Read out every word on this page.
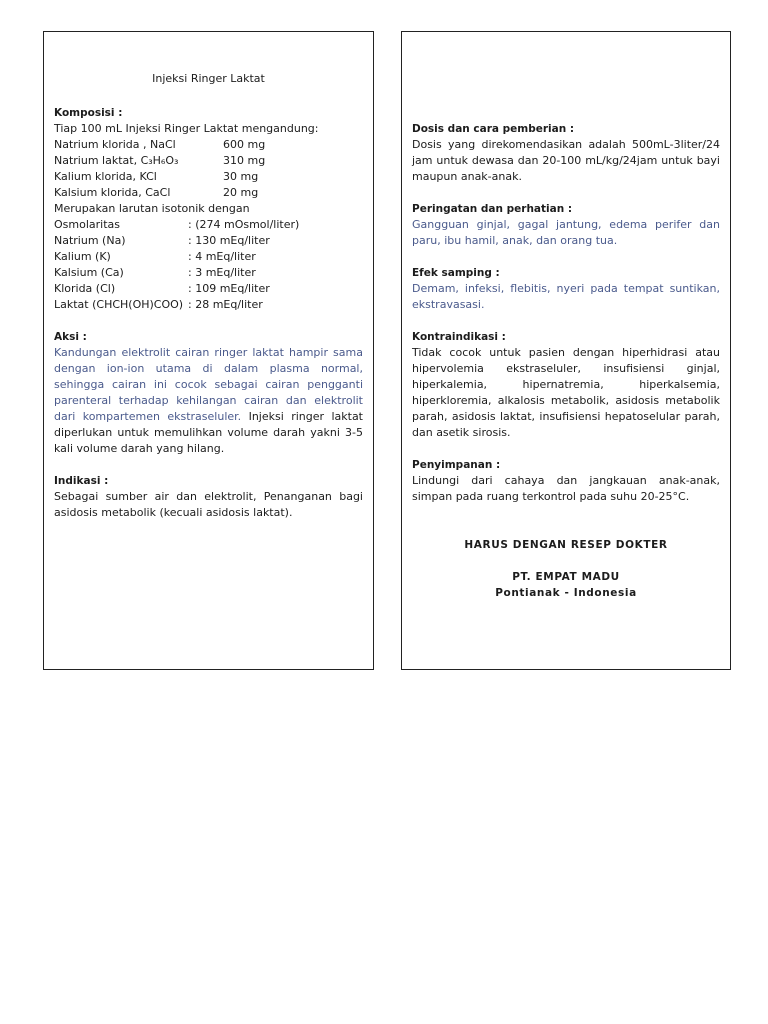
Injeksi Ringer Laktat
Komposisi :
Tiap 100 mL Injeksi Ringer Laktat mengandung:
Natrium klorida , NaCl	600 mg
Natrium laktat, C₃H₆O₃	310 mg
Kalium klorida, KCl	30 mg
Kalsium klorida, CaCl	20 mg
Merupakan larutan isotonik dengan
Osmolaritas	: (274 mOsmol/liter)
Natrium (Na)	: 130 mEq/liter
Kalium (K)	: 4 mEq/liter
Kalsium (Ca)	: 3 mEq/liter
Klorida (Cl)	: 109 mEq/liter
Laktat (CHCH(OH)COO) : 28 mEq/liter
Aksi :
Kandungan elektrolit cairan ringer laktat hampir sama dengan ion-ion utama di dalam plasma normal, sehingga cairan ini cocok sebagai cairan pengganti parenteral terhadap kehilangan cairan dan elektrolit dari kompartemen ekstraseluler. Injeksi ringer laktat diperlukan untuk memulihkan volume darah yakni 3-5 kali volume darah yang hilang.
Indikasi :
Sebagai sumber air dan elektrolit, Penanganan bagi asidosis metabolik (kecuali asidosis laktat).
Dosis dan cara pemberian :
Dosis yang direkomendasikan adalah 500mL-3liter/24 jam untuk dewasa dan 20-100 mL/kg/24jam untuk bayi maupun anak-anak.
Peringatan dan perhatian :
Gangguan ginjal, gagal jantung, edema perifer dan paru, ibu hamil, anak, dan orang tua.
Efek samping :
Demam, infeksi, flebitis, nyeri pada tempat suntikan, ekstravasasi.
Kontraindikasi :
Tidak cocok untuk pasien dengan hiperhidrasi atau hipervolemia ekstraseluler, insufisiensi ginjal, hiperkalemia, hipernatremia, hiperkalsemia, hiperkloremia, alkalosis metabolik, asidosis metabolik parah, asidosis laktat, insufisiensi hepatoselular parah, dan asetik sirosis.
Penyimpanan :
Lindungi dari cahaya dan jangkauan anak-anak, simpan pada ruang terkontrol pada suhu 20-25°C.
HARUS DENGAN RESEP DOKTER
PT. EMPAT MADU
Pontianak - Indonesia
